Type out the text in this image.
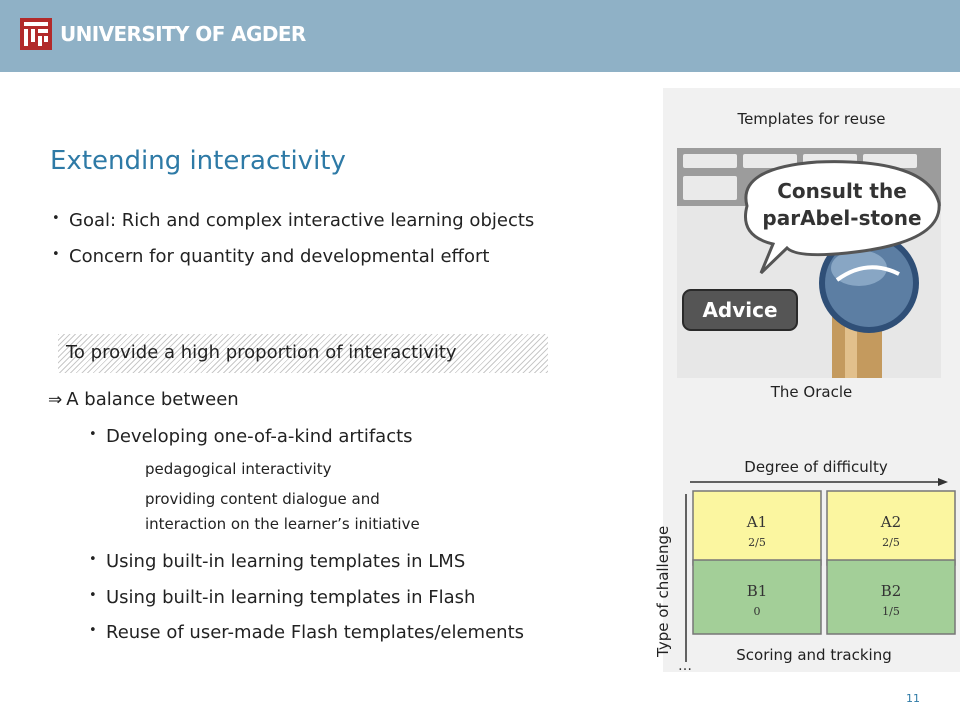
UNIVERSITY OF AGDER
Extending interactivity
• Goal: Rich and complex interactive learning objects
• Concern for quantity and developmental effort
To provide a high proportion of interactivity
⇒ A balance between
• Developing one-of-a-kind artifacts
pedagogical interactivity
providing content dialogue and
interaction on the learner’s initiative
• Using built-in learning templates in LMS
• Using built-in learning templates in Flash
• Reuse of user-made Flash templates/elements
Templates for reuse
Consult the
parAbel-stone
Advice
The Oracle
Degree of difficulty
A1
2/5
A2
2/5
B1
0
B2
1/5
…
Type of challenge	Scoring and tracking
11
